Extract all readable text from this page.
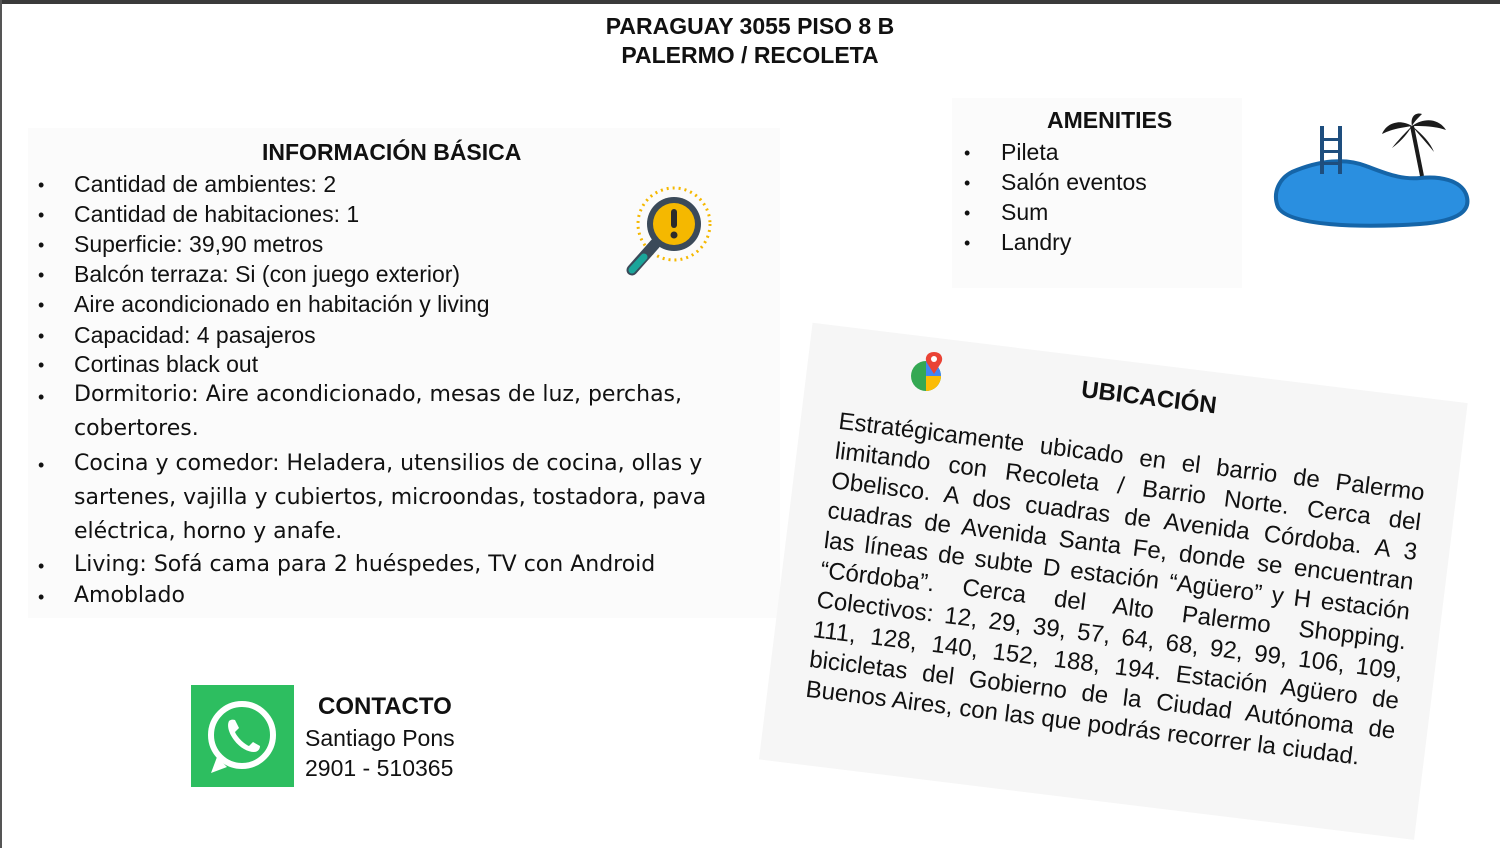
PARAGUAY 3055 PISO 8 B
PALERMO / RECOLETA
INFORMACIÓN BÁSICA
• Cantidad de ambientes: 2
• Cantidad de habitaciones: 1
• Superficie: 39,90 metros
• Balcón terraza: Si (con juego exterior)
• Aire acondicionado en habitación y living
• Capacidad: 4 pasajeros
• Cortinas black out
• Dormitorio: Aire acondicionado, mesas de luz, perchas, cobertores.
• Cocina y comedor: Heladera, utensilios de cocina, ollas y sartenes, vajilla y cubiertos, microondas, tostadora, pava eléctrica, horno y anafe.
• Living: Sofá cama para 2 huéspedes, TV con Android
• Amoblado
AMENITIES
• Pileta
• Salón eventos
• Sum
• Landry
UBICACIÓN
Estratégicamente ubicado en el barrio de Palermo limitando con Recoleta / Barrio Norte. Cerca del Obelisco. A dos cuadras de Avenida Córdoba. A 3 cuadras de Avenida Santa Fe, donde se encuentran las líneas de subte D estación “Agüero” y H estación “Córdoba”. Cerca del Alto Palermo Shopping. Colectivos: 12, 29, 39, 57, 64, 68, 92, 99, 106, 109, 111, 128, 140, 152, 188, 194. Estación Agüero de bicicletas del Gobierno de la Ciudad Autónoma de Buenos Aires, con las que podrás recorrer la ciudad.
CONTACTO
Santiago Pons
2901 - 510365
